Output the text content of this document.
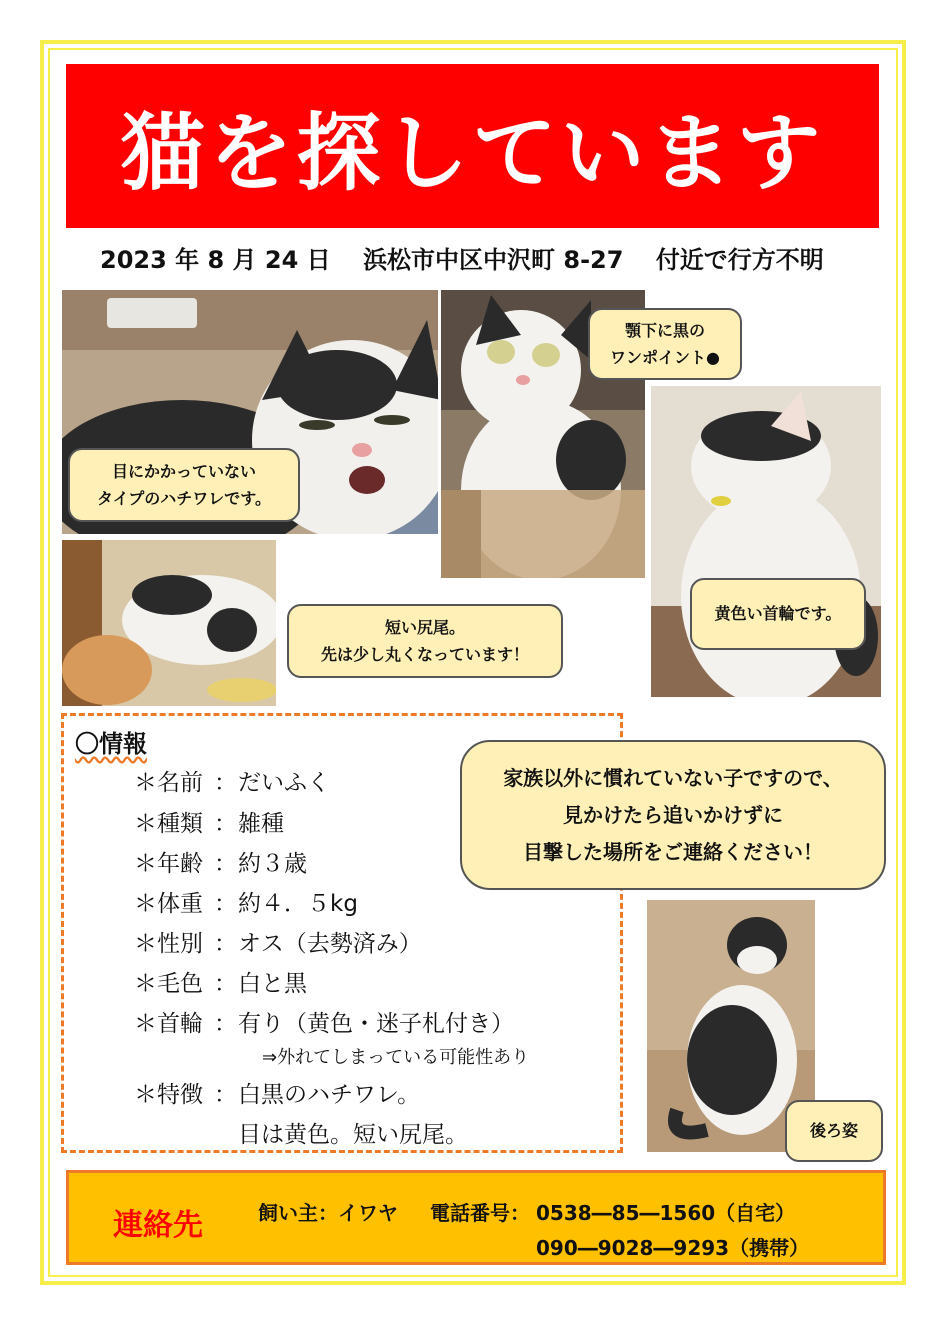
猫を探しています
2023 年 8 月 24 日 浜松市中区中沢町 8-27 付近で行方不明
目にかかっていない
タイプのハチワレです。
顎下に黒の
ワンポイント●
黄色い首輪です。
短い尻尾。
先は少し丸くなっています！
後ろ姿
〇情報
＊名前 ：だいふく
＊種類 ：雑種
＊年齢 ：約３歳
＊体重 ：約４．５kg
＊性別 ：オス（去勢済み）
＊毛色 ：白と黒
＊首輪 ：有り（黄色・迷子札付き）
⇒外れてしまっている可能性あり
＊特徴 ：白黒のハチワレ。
目は黄色。短い尻尾。
家族以外に慣れていない子ですので、
見かけたら追いかけずに
目撃した場所をご連絡ください！
連絡先	飼い主：イワヤ 電話番号： 0538―85―1560（自宅）
090―9028―9293（携帯）
